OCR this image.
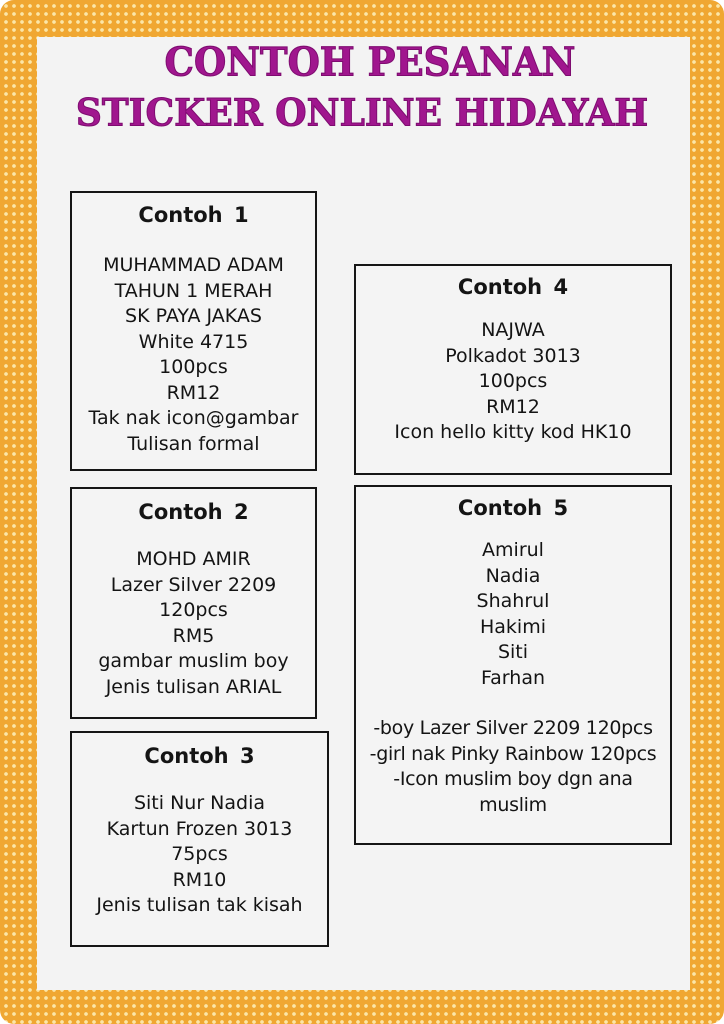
CONTOH PESANAN
STICKER ONLINE HIDAYAH
Contoh 1
MUHAMMAD ADAM
TAHUN 1 MERAH
SK PAYA JAKAS
White 4715
100pcs
RM12
Tak nak icon@gambar
Tulisan formal
Contoh 2
MOHD AMIR
Lazer Silver 2209
120pcs
RM5
gambar muslim boy
Jenis tulisan ARIAL
Contoh 3
Siti Nur Nadia
Kartun Frozen 3013
75pcs
RM10
Jenis tulisan tak kisah
Contoh 4
NAJWA
Polkadot 3013
100pcs
RM12
Icon hello kitty kod HK10
Contoh 5
Amirul
Nadia
Shahrul
Hakimi
Siti
Farhan
-boy Lazer Silver 2209 120pcs
-girl nak Pinky Rainbow 120pcs
-Icon muslim boy dgn ana
muslim
